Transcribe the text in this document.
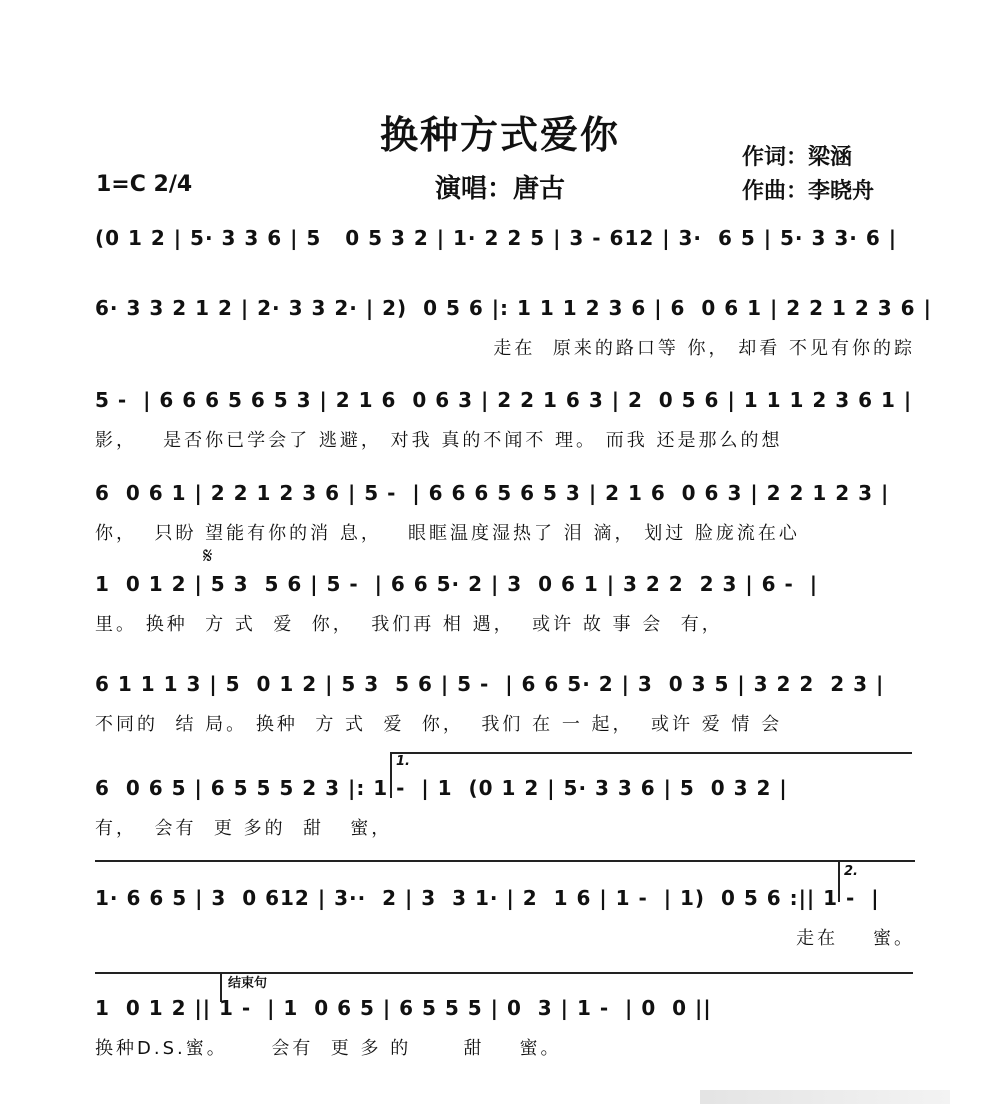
换种方式爱你
演唱：唐古
作词：梁涵
作曲：李晓舟
1=C 2/4
(0 1 2 | 5· 3 3 6 | 5   0 5 3 2 | 1· 2 2 5 | 3 - 612 | 3·  6 5 | 5· 3 3· 6 |
6· 3 3 2 1 2 | 2· 3 3 2· | 2)  0 5 6 |: 1 1 1 2 3 6 | 6  0 6 1 | 2 2 1 2 3 6 |
走在  原来的路口等 你， 却看 不见有你的踪
5 -  | 6 6 6 5 6 5 3 | 2 1 6  0 6 3 | 2 2 1 6 3 | 2  0 5 6 | 1 1 1 2 3 6 1 |
影，   是否你已学会了 逃避， 对我 真的不闻不 理。 而我 还是那么的想
6  0 6 1 | 2 2 1 2 3 6 | 5 -  | 6 6 6 5 6 5 3 | 2 1 6  0 6 3 | 2 2 1 2 3 |
你，  只盼 望能有你的消 息，   眼眶温度湿热了 泪 滴， 划过 脸庞流在心
𝄋
1  0 1 2 | 5 3  5 6 | 5 -  | 6 6 5· 2 | 3  0 6 1 | 3 2 2  2 3 | 6 -  |
里。 换种  方 式  爱  你，  我们再 相 遇，  或许 故 事 会  有，
6 1 1 1 3 | 5  0 1 2 | 5 3  5 6 | 5 -  | 6 6 5· 2 | 3  0 3 5 | 3 2 2  2 3 |
不同的  结 局。 换种  方 式  爱  你，  我们 在 一 起，  或许 爱 情 会
1.
6  0 6 5 | 6 5 5 5 2 3 |: 1 -  | 1  (0 1 2 | 5· 3 3 6 | 5  0 3 2 |
有，  会有  更 多的  甜   蜜，
2.
1· 6 6 5 | 3  0 612 | 3··  2 | 3  3 1· | 2  1 6 | 1 -  | 1)  0 5 6 :|| 1 -  |
走在    蜜。
结束句
1  0 1 2 || 1 -  | 1  0 6 5 | 6 5 5 5 | 0  3 | 1 -  | 0  0 ||
换种D.S.蜜。     会有  更 多 的      甜    蜜。
